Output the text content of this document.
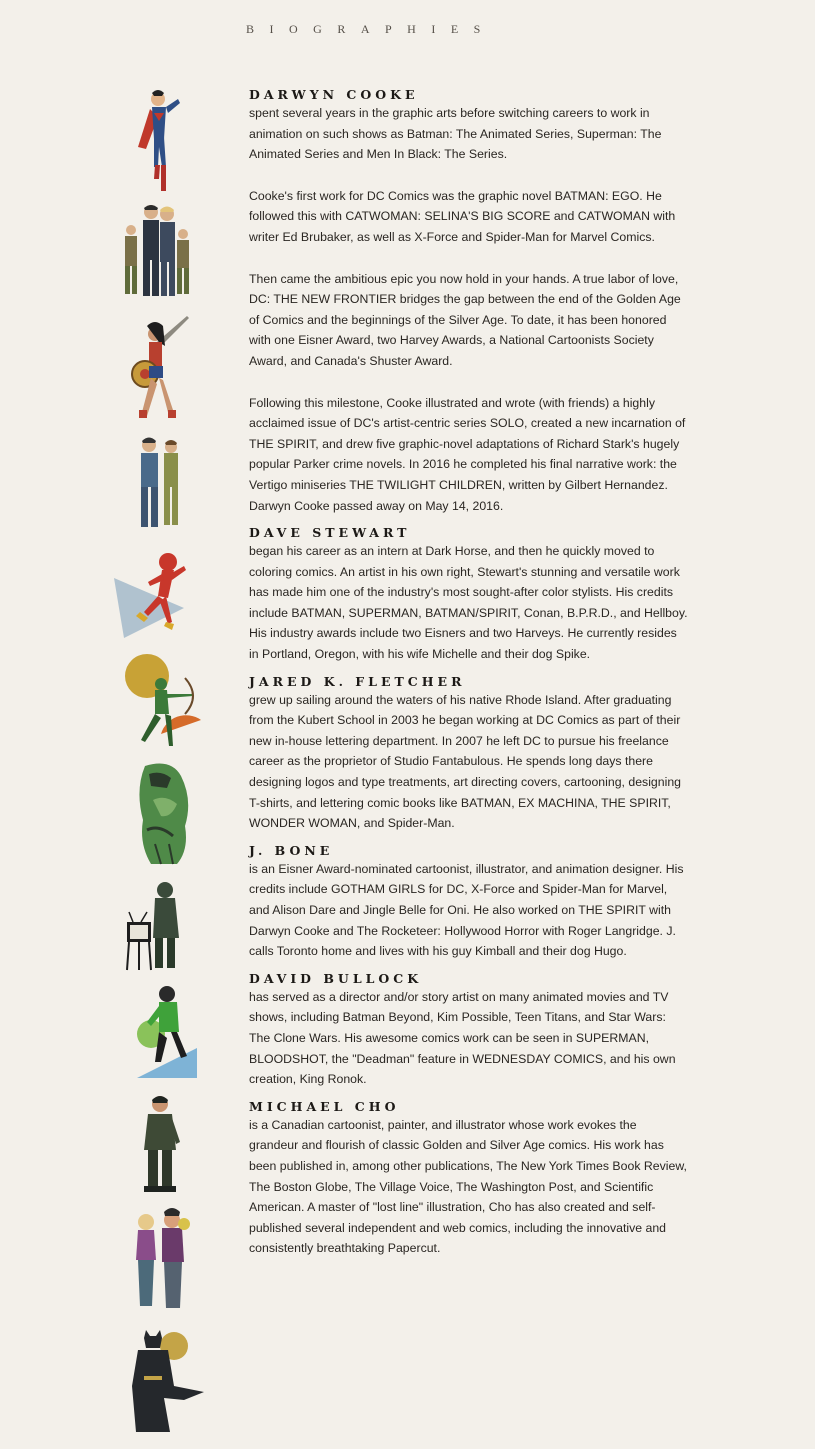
BIOGRAPHIES
DARWYN COOKE

spent several years in the graphic arts before switching careers to work in animation on such shows as Batman: The Animated Series, Superman: The Animated Series and Men In Black: The Series.

Cooke's first work for DC Comics was the graphic novel BATMAN: EGO. He followed this with CATWOMAN: SELINA'S BIG SCORE and CATWOMAN with writer Ed Brubaker, as well as X-Force and Spider-Man for Marvel Comics.

Then came the ambitious epic you now hold in your hands. A true labor of love, DC: THE NEW FRONTIER bridges the gap between the end of the Golden Age of Comics and the beginnings of the Silver Age. To date, it has been honored with one Eisner Award, two Harvey Awards, a National Cartoonists Society Award, and Canada's Shuster Award.

Following this milestone, Cooke illustrated and wrote (with friends) a highly acclaimed issue of DC's artist-centric series SOLO, created a new incarnation of THE SPIRIT, and drew five graphic-novel adaptations of Richard Stark's hugely popular Parker crime novels. In 2016 he completed his final narrative work: the Vertigo miniseries THE TWILIGHT CHILDREN, written by Gilbert Hernandez. Darwyn Cooke passed away on May 14, 2016.

DAVE STEWART

began his career as an intern at Dark Horse, and then he quickly moved to coloring comics. An artist in his own right, Stewart's stunning and versatile work has made him one of the industry's most sought-after color stylists. His credits include BATMAN, SUPERMAN, BATMAN/SPIRIT, Conan, B.P.R.D., and Hellboy. His industry awards include two Eisners and two Harveys. He currently resides in Portland, Oregon, with his wife Michelle and their dog Spike.

JARED K. FLETCHER

grew up sailing around the waters of his native Rhode Island. After graduating from the Kubert School in 2003 he began working at DC Comics as part of their new in-house lettering department. In 2007 he left DC to pursue his freelance career as the proprietor of Studio Fantabulous. He spends long days there designing logos and type treatments, art directing covers, cartooning, designing T-shirts, and lettering comic books like BATMAN, EX MACHINA, THE SPIRIT, WONDER WOMAN, and Spider-Man.

J. BONE

is an Eisner Award-nominated cartoonist, illustrator, and animation designer. His credits include GOTHAM GIRLS for DC, X-Force and Spider-Man for Marvel, and Alison Dare and Jingle Belle for Oni. He also worked on THE SPIRIT with Darwyn Cooke and The Rocketeer: Hollywood Horror with Roger Langridge. J. calls Toronto home and lives with his guy Kimball and their dog Hugo.

DAVID BULLOCK

has served as a director and/or story artist on many animated movies and TV shows, including Batman Beyond, Kim Possible, Teen Titans, and Star Wars: The Clone Wars. His awesome comics work can be seen in SUPERMAN, BLOODSHOT, the "Deadman" feature in WEDNESDAY COMICS, and his own creation, King Ronok.

MICHAEL CHO

is a Canadian cartoonist, painter, and illustrator whose work evokes the grandeur and flourish of classic Golden and Silver Age comics. His work has been published in, among other publications, The New York Times Book Review, The Boston Globe, The Village Voice, The Washington Post, and Scientific American. A master of "lost line" illustration, Cho has also created and self-published several independent and web comics, including the innovative and consistently breathtaking Papercut.
